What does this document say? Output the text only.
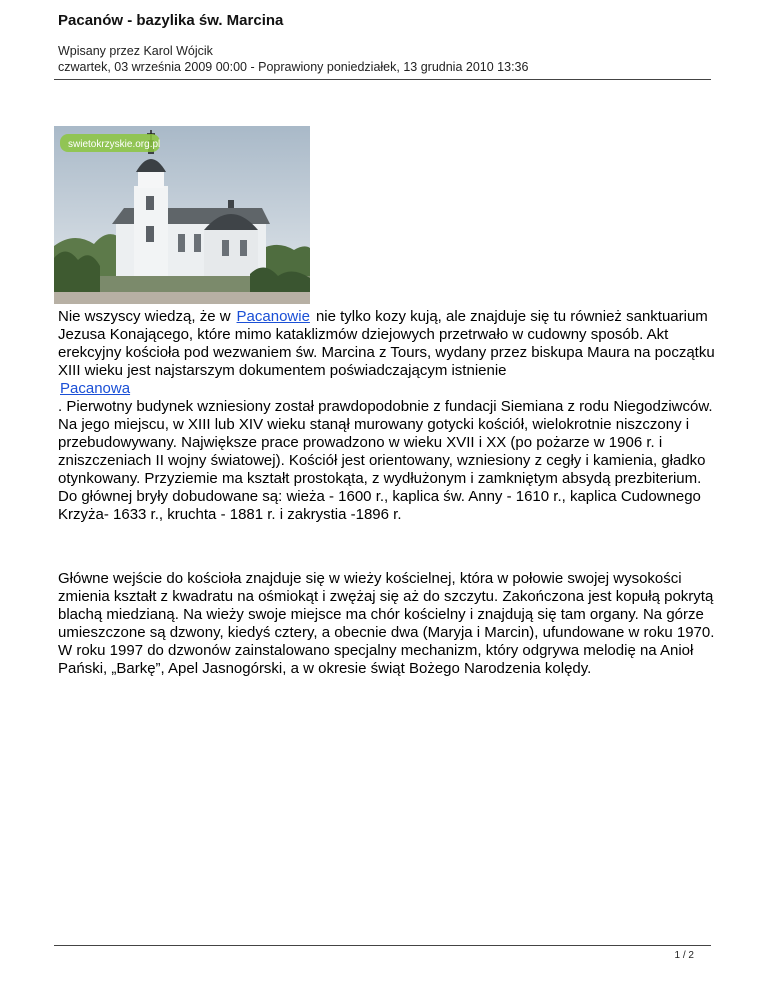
Pacanów - bazylika św. Marcina
Wpisany przez Karol Wójcik
czwartek, 03 września 2009 00:00 - Poprawiony poniedziałek, 13 grudnia 2010 13:36
swietokrzyskie.org.pl

Nie wszyscy wiedzą, że w Pacanowie nie tylko kozy kują, ale znajduje się tu również sanktuarium Jezusa Konającego, które mimo kataklizmów dziejowych przetrwało w cudowny sposób. Akt erekcyjny kościoła pod wezwaniem św. Marcina z Tours, wydany przez biskupa Maura na początku XIII wieku jest najstarszym dokumentem poświadczającym istnienie
Pacanowa
. Pierwotny budynek wzniesiony został prawdopodobnie z fundacji Siemiana z rodu Niegodziwców. Na jego miejscu, w XIII lub XIV wieku stanął murowany gotycki kościół, wielokrotnie niszczony i przebudowywany. Największe prace prowadzono w wieku XVII i XX (po pożarze w 1906 r. i zniszczeniach II wojny światowej). Kościół jest orientowany, wzniesiony z cegły i kamienia, gładko otynkowany. Przyziemie ma kształt prostokąta, z wydłużonym i zamkniętym absydą prezbiterium. Do głównej bryły dobudowane są: wieża - 1600 r., kaplica św. Anny - 1610 r., kaplica Cudownego Krzyża- 1633 r., kruchta - 1881 r. i zakrystia -1896 r.

Główne wejście do kościoła znajduje się w wieży kościelnej, która w połowie swojej wysokości zmienia kształt z kwadratu na ośmiokąt i zwężaj się aż do szczytu. Zakończona jest kopułą pokrytą blachą miedzianą. Na wieży swoje miejsce ma chór kościelny i znajdują się tam organy. Na górze umieszczone są dzwony, kiedyś cztery, a obecnie dwa (Maryja i Marcin), ufundowane w roku 1970. W roku 1997 do dzwonów zainstalowano specjalny mechanizm, który odgrywa melodię na Anioł Pański, „Barkę”, Apel Jasnogórski, a w okresie świąt Bożego Narodzenia kolędy.

1 / 2
